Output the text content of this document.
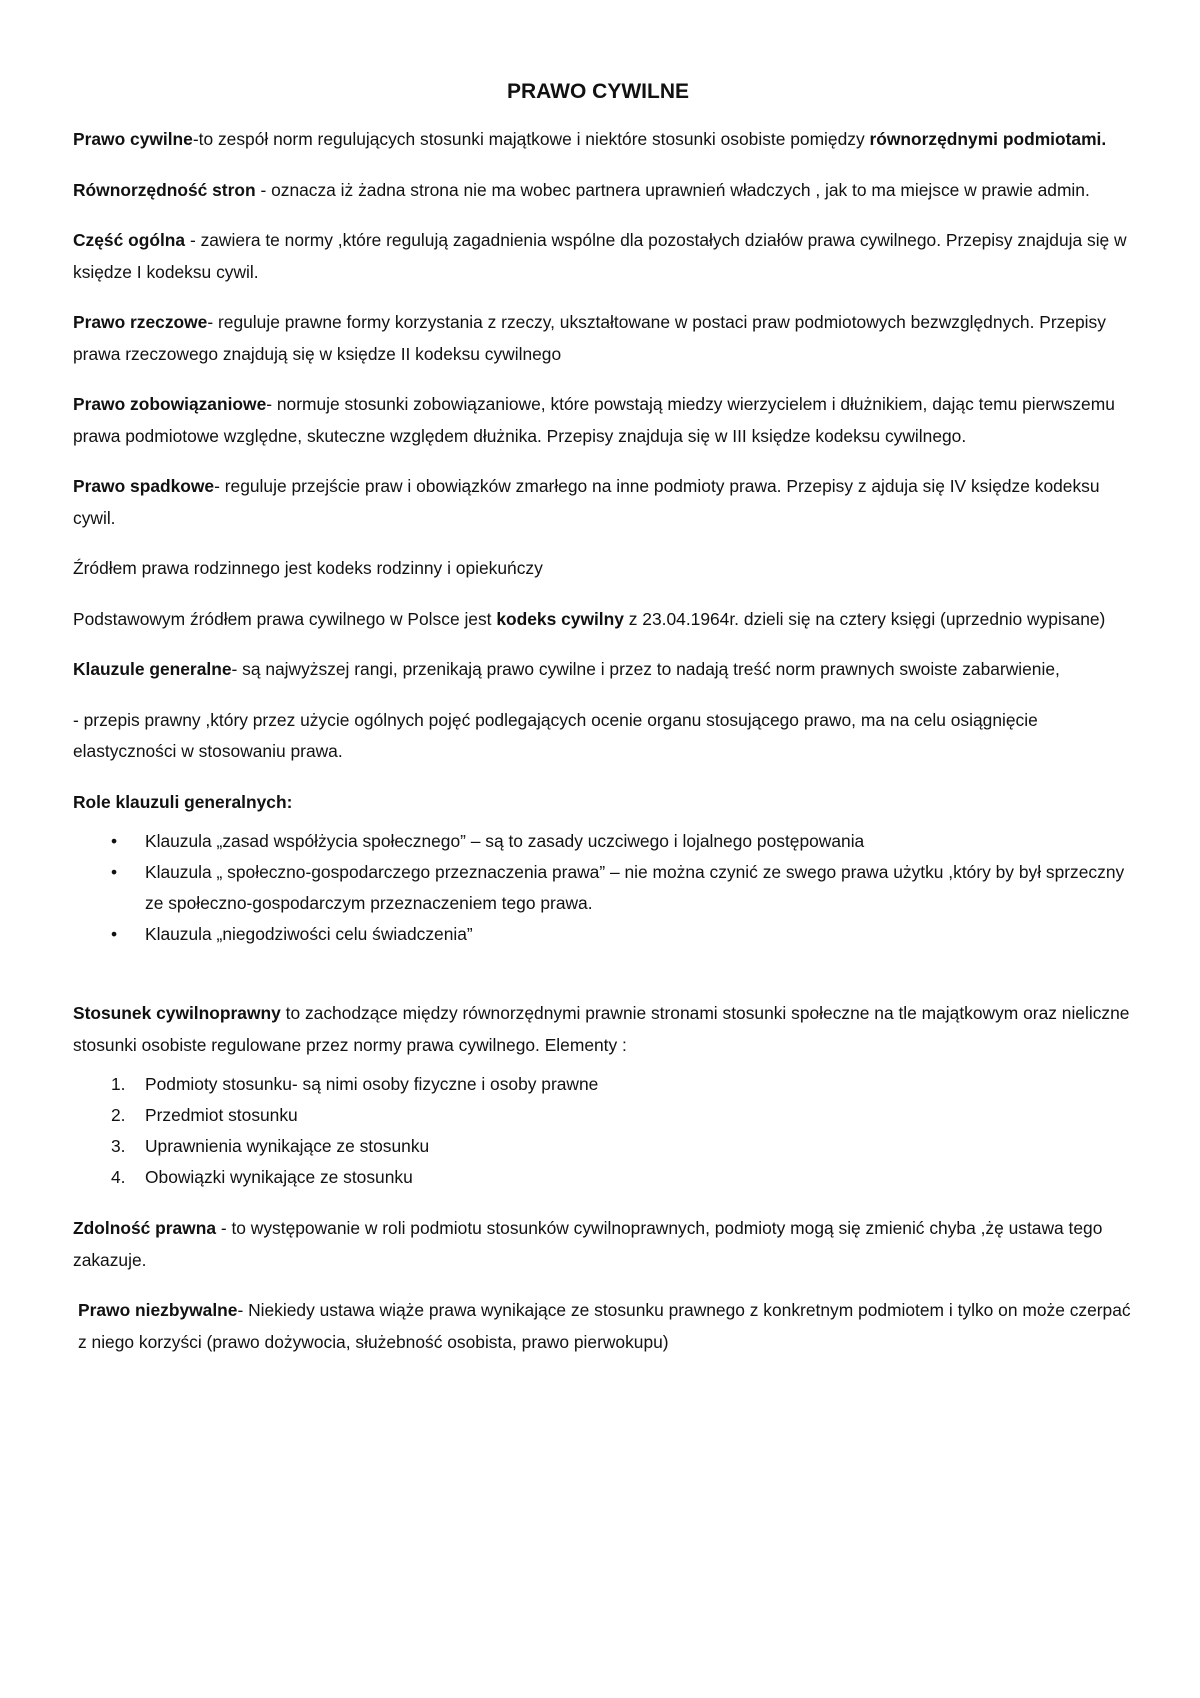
PRAWO CYWILNE

Prawo cywilne-to zespół norm regulujących stosunki majątkowe i niektóre stosunki osobiste pomiędzy równorzędnymi podmiotami.

Równorzędność stron - oznacza iż żadna strona nie ma wobec partnera uprawnień władczych , jak to ma miejsce w prawie admin.

Część ogólna - zawiera te normy ,które regulują zagadnienia wspólne dla pozostałych działów prawa cywilnego. Przepisy znajduja się w księdze I kodeksu cywil.

Prawo rzeczowe- reguluje prawne formy korzystania z rzeczy, ukształtowane w postaci praw podmiotowych bezwzględnych. Przepisy prawa rzeczowego znajdują się w księdze II kodeksu cywilnego

Prawo zobowiązaniowe- normuje stosunki zobowiązaniowe, które powstają miedzy wierzycielem i dłużnikiem, dając temu pierwszemu prawa podmiotowe względne, skuteczne względem dłużnika. Przepisy znajduja się w III księdze kodeksu cywilnego.

Prawo spadkowe- reguluje przejście praw i obowiązków zmarłego na inne podmioty prawa. Przepisy z ajduja się IV księdze kodeksu cywil.

Źródłem prawa rodzinnego jest kodeks rodzinny i opiekuńczy

Podstawowym źródłem prawa cywilnego w Polsce jest kodeks cywilny z 23.04.1964r. dzieli się na cztery księgi (uprzednio wypisane)

Klauzule generalne- są najwyższej rangi, przenikają prawo cywilne i przez to nadają treść norm prawnych swoiste zabarwienie,

- przepis prawny ,który przez użycie ogólnych pojęć podlegających ocenie organu stosującego prawo, ma na celu osiągnięcie elastyczności w stosowaniu prawa.

Role klauzuli generalnych:

• Klauzula „zasad współżycia społecznego” – są to zasady uczciwego i lojalnego postępowania
• Klauzula „ społeczno-gospodarczego przeznaczenia prawa” – nie można czynić ze swego prawa użytku ,który by był sprzeczny ze społeczno-gospodarczym przeznaczeniem tego prawa.
• Klauzula „niegodziwości celu świadczenia”

Stosunek cywilnoprawny to zachodzące między równorzędnymi prawnie stronami stosunki społeczne na tle majątkowym oraz nieliczne stosunki osobiste regulowane przez normy prawa cywilnego. Elementy :

1. Podmioty stosunku- są nimi osoby fizyczne i osoby prawne
2. Przedmiot stosunku
3. Uprawnienia wynikające ze stosunku
4. Obowiązki wynikające ze stosunku

Zdolność prawna - to występowanie w roli podmiotu stosunków cywilnoprawnych, podmioty mogą się zmienić chyba ,żę ustawa tego zakazuje.

Prawo niezbywalne- Niekiedy ustawa wiąże prawa wynikające ze stosunku prawnego z konkretnym podmiotem i tylko on może czerpać z niego korzyści (prawo dożywocia, służebność osobista, prawo pierwokupu)
